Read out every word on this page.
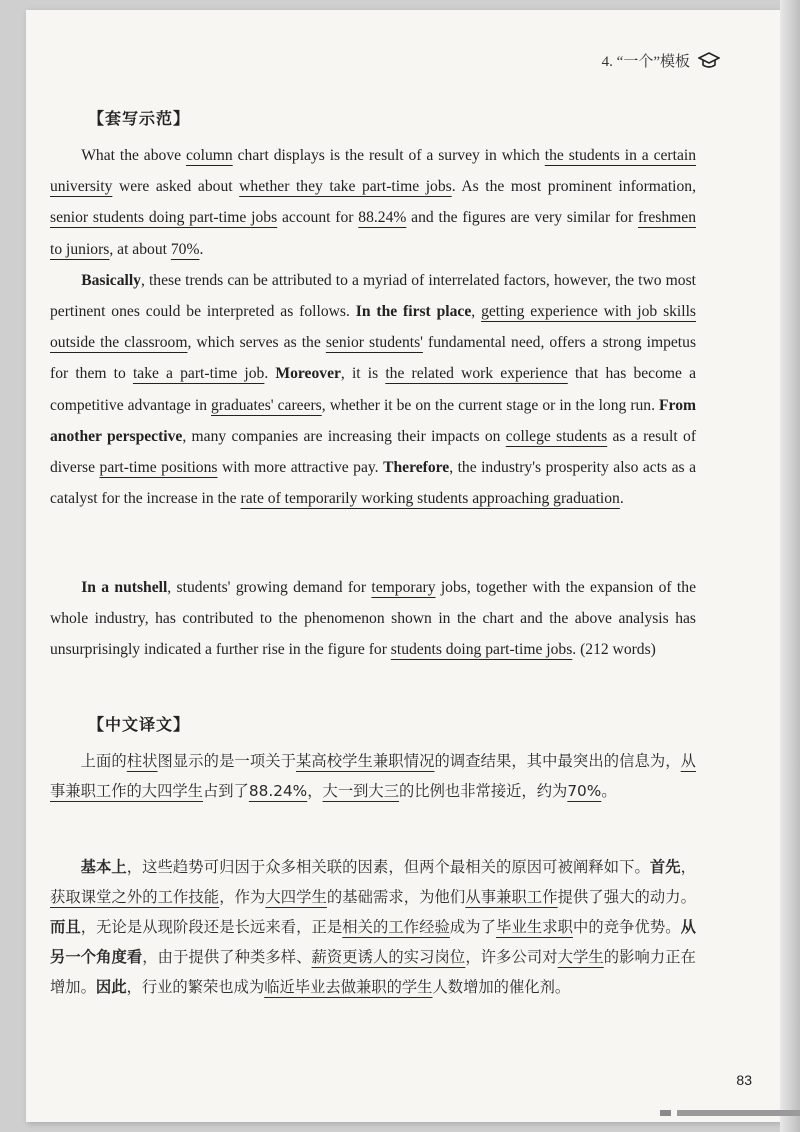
4. “一个”模板
【套写示范】

What the above column chart displays is the result of a survey in which the students in a certain university were asked about whether they take part-time jobs. As the most prominent information, senior students doing part-time jobs account for 88.24% and the figures are very similar for freshmen to juniors, at about 70%.

Basically, these trends can be attributed to a myriad of interrelated factors, however, the two most pertinent ones could be interpreted as follows. In the first place, getting experience with job skills outside the classroom, which serves as the senior students' fundamental need, offers a strong impetus for them to take a part-time job. Moreover, it is the related work experience that has become a competitive advantage in graduates' careers, whether it be on the current stage or in the long run. From another perspective, many companies are increasing their impacts on college students as a result of diverse part-time positions with more attractive pay. Therefore, the industry's prosperity also acts as a catalyst for the increase in the rate of temporarily working students approaching graduation.

In a nutshell, students' growing demand for temporary jobs, together with the expansion of the whole industry, has contributed to the phenomenon shown in the chart and the above analysis has unsurprisingly indicated a further rise in the figure for students doing part-time jobs. (212 words)

【中文译文】

上面的柱状图显示的是一项关于某高校学生兼职情况的调查结果，其中最突出的信息为，从事兼职工作的大四学生占到了88.24%，大一到大三的比例也非常接近，约为70%。

基本上，这些趋势可归因于众多相关联的因素，但两个最相关的原因可被阐释如下。首先，获取课堂之外的工作技能，作为大四学生的基础需求，为他们从事兼职工作提供了强大的动力。而且，无论是从现阶段还是长远来看，正是相关的工作经验成为了毕业生求职中的竞争优势。从另一个角度看，由于提供了种类多样、薪资更诱人的实习岗位，许多公司对大学生的影响力正在增加。因此，行业的繁荣也成为临近毕业去做兼职的学生人数增加的催化剂。

83
